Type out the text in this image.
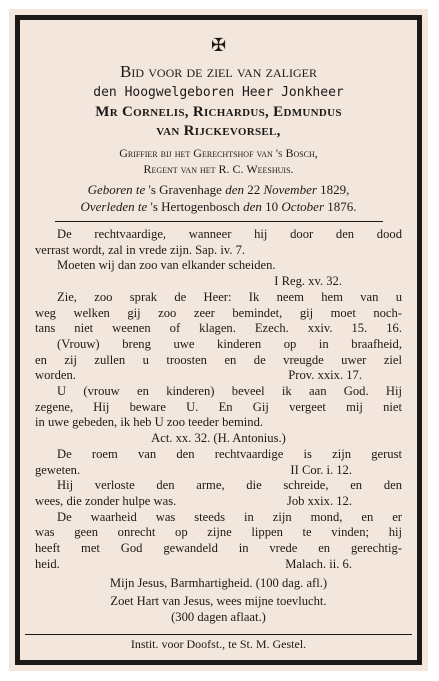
✠
Bid voor de ziel van zaliger
den Hoogwelgeboren Heer Jonkheer
Mr Cornelis, Richardus, Edmundus
van Rijckevorsel,
Griffier bij het Gerechtshof van 's Bosch,
Regent van het R. C. Weeshuis.
Geboren te 's Gravenhage den 22 November 1829,
Overleden te 's Hertogenbosch den 10 October 1876.
De rechtvaardige, wanneer hij door den dood
verrast wordt, zal in vrede zijn. Sap. iv. 7.
Moeten wij dan zoo van elkander scheiden.
I Reg. xv. 32.
Zie, zoo sprak de Heer: Ik neem hem van u
weg welken gij zoo zeer bemindet, gij moet noch-
tans niet weenen of klagen. Ezech. xxiv. 15. 16.
(Vrouw) breng uwe kinderen op in braafheid,
en zij zullen u troosten en de vreugde uwer ziel
worden.	Prov. xxix. 17.
U (vrouw en kinderen) beveel ik aan God. Hij
zegene, Hij beware U. En Gij vergeet mij niet
in uwe gebeden, ik heb U zoo teeder bemind.
Act. xx. 32. (H. Antonius.)
De roem van den rechtvaardige is zijn gerust
geweten.	II Cor. i. 12.
Hij verloste den arme, die schreide, en den
wees, die zonder hulpe was.	Job xxix. 12.
De waarheid was steeds in zijn mond, en er
was geen onrecht op zijne lippen te vinden; hij
heeft met God gewandeld in vrede en gerechtig-
heid.	Malach. ii. 6.
Mijn Jesus, Barmhartigheid. (100 dag. afl.)
Zoet Hart van Jesus, wees mijne toevlucht.
(300 dagen aflaat.)
Instit. voor Doofst., te St. M. Gestel.
